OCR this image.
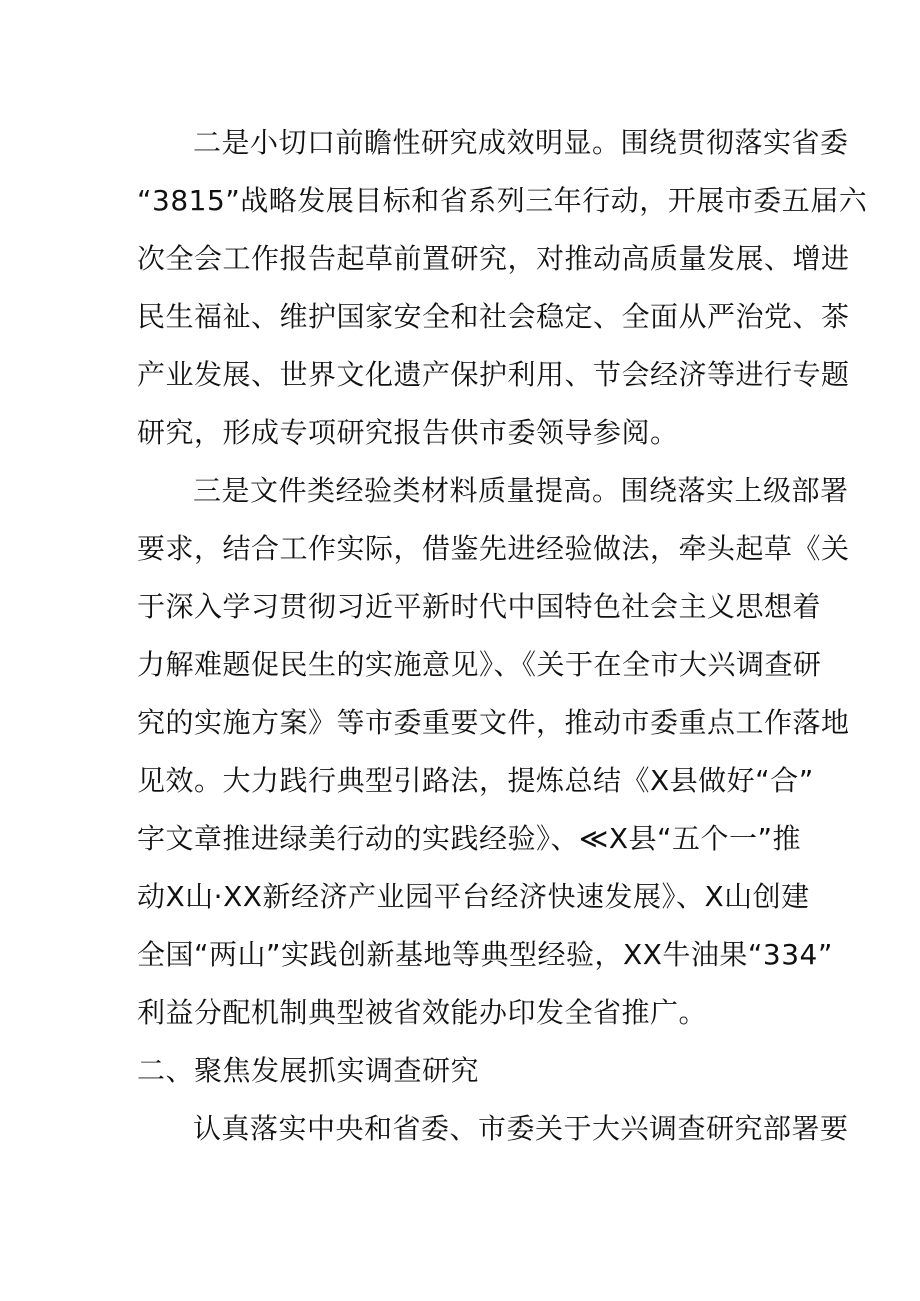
二是小切口前瞻性研究成效明显。围绕贯彻落实省委
“3815”战略发展目标和省系列三年行动，开展市委五届六
次全会工作报告起草前置研究，对推动高质量发展、增进
民生福祉、维护国家安全和社会稳定、全面从严治党、茶
产业发展、世界文化遗产保护利用、节会经济等进行专题
研究，形成专项研究报告供市委领导参阅。
三是文件类经验类材料质量提高。围绕落实上级部署
要求，结合工作实际，借鉴先进经验做法，牵头起草《关
于深入学习贯彻习近平新时代中国特色社会主义思想着
力解难题促民生的实施意见》、《关于在全市大兴调查研
究的实施方案》等市委重要文件，推动市委重点工作落地
见效。大力践行典型引路法，提炼总结《X县做好“合”
字文章推进绿美行动的实践经验》、≪X县“五个一”推
动X山·XX新经济产业园平台经济快速发展》、X山创建
全国“两山”实践创新基地等典型经验，XX牛油果“334”
利益分配机制典型被省效能办印发全省推广。
二、聚焦发展抓实调查研究
认真落实中央和省委、市委关于大兴调查研究部署要
